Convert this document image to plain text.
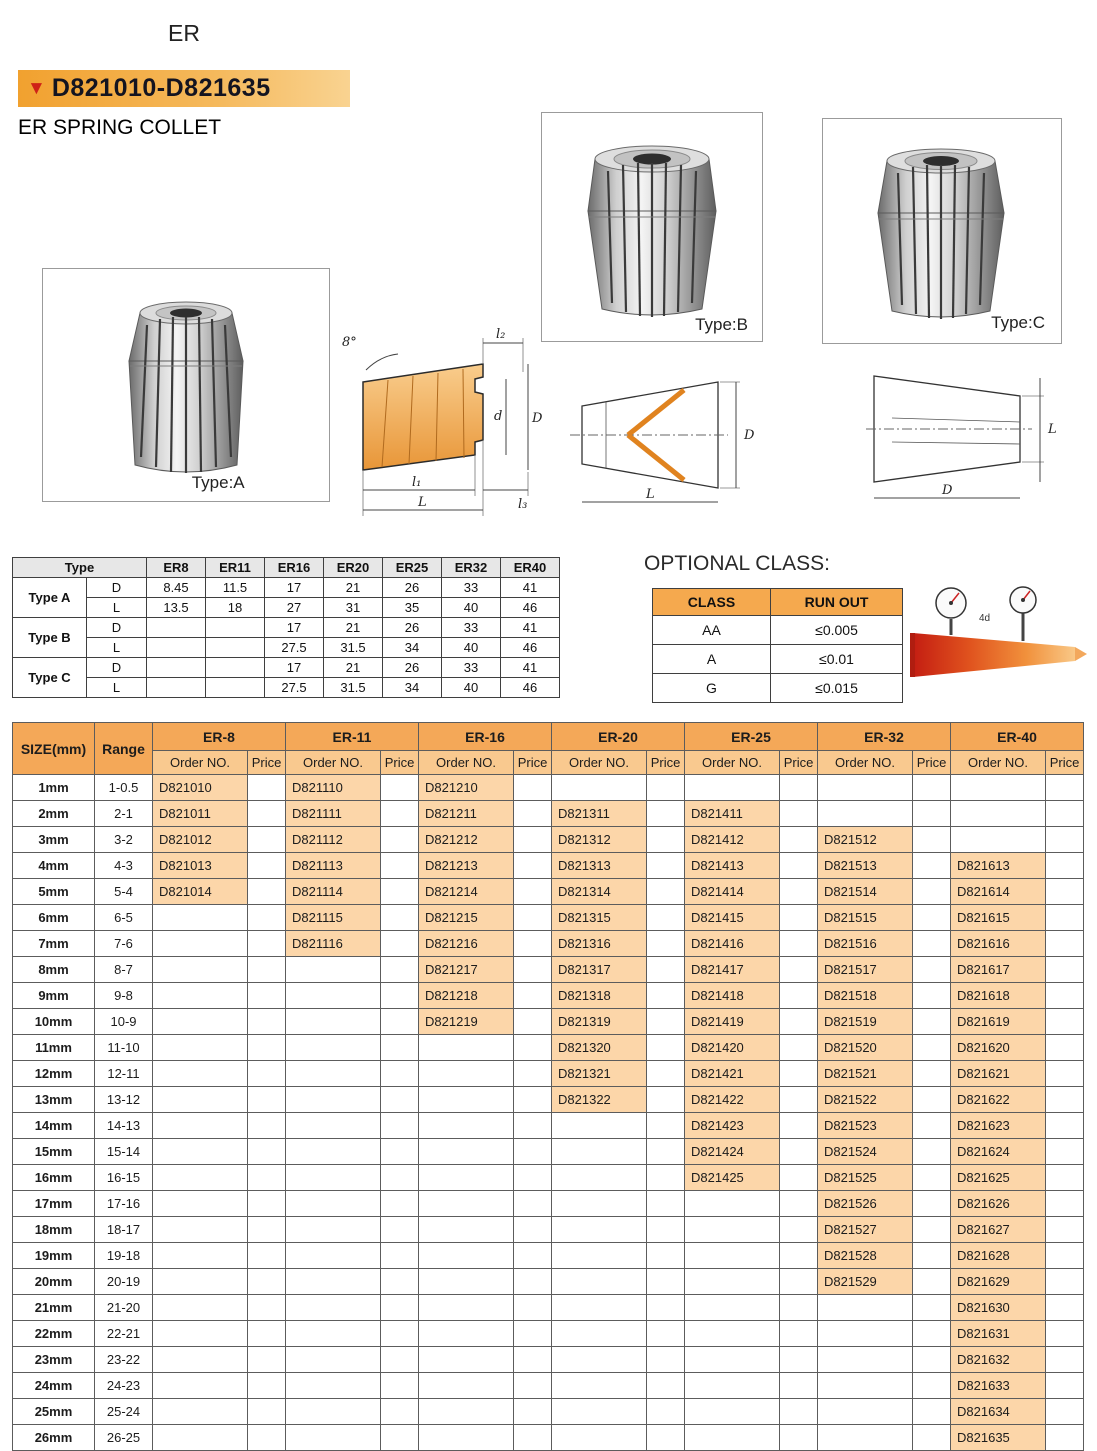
ER
▼ D821010-D821635
ER SPRING COLLET
Type:A
Type:B	Type:C
8°
l₂
d D
l₁
l₃
L
D
L
L
D
Type		ER8	ER11	ER16	ER20	ER25	ER32	ER40
Type A	D	8.45	11.5	17	21	26	33	41
	L	13.5	18	27	31	35	40	46
Type B	D			17	21	26	33	41
	L			27.5	31.5	34	40	46
Type C	D			17	21	26	33	41
	L			27.5	31.5	34	40	46
OPTIONAL CLASS:
CLASS	RUN OUT
AA	≤0.005
A	≤0.01
G	≤0.015
4d
SIZE(mm)	Range	ER-8		ER-11		ER-16		ER-20		ER-25		ER-32		ER-40	
		Order NO.	Price	Order NO.	Price	Order NO.	Price	Order NO.	Price	Order NO.	Price	Order NO.	Price	Order NO.	Price
1mm	1-0.5	D821010		D821110		D821210									
2mm	2-1	D821011		D821111		D821211		D821311		D821411					
3mm	3-2	D821012		D821112		D821212		D821312		D821412		D821512			
4mm	4-3	D821013		D821113		D821213		D821313		D821413		D821513		D821613	
5mm	5-4	D821014		D821114		D821214		D821314		D821414		D821514		D821614	
6mm	6-5			D821115		D821215		D821315		D821415		D821515		D821615	
7mm	7-6			D821116		D821216		D821316		D821416		D821516		D821616	
8mm	8-7					D821217		D821317		D821417		D821517		D821617	
9mm	9-8					D821218		D821318		D821418		D821518		D821618	
10mm	10-9					D821219		D821319		D821419		D821519		D821619	
11mm	11-10							D821320		D821420		D821520		D821620	
12mm	12-11							D821321		D821421		D821521		D821621	
13mm	13-12							D821322		D821422		D821522		D821622	
14mm	14-13									D821423		D821523		D821623	
15mm	15-14									D821424		D821524		D821624	
16mm	16-15									D821425		D821525		D821625	
17mm	17-16											D821526		D821626	
18mm	18-17											D821527		D821627	
19mm	19-18											D821528		D821628	
20mm	20-19											D821529		D821629	
21mm	21-20													D821630	
22mm	22-21													D821631	
23mm	23-22													D821632	
24mm	24-23													D821633	
25mm	25-24													D821634	
26mm	26-25													D821635	
